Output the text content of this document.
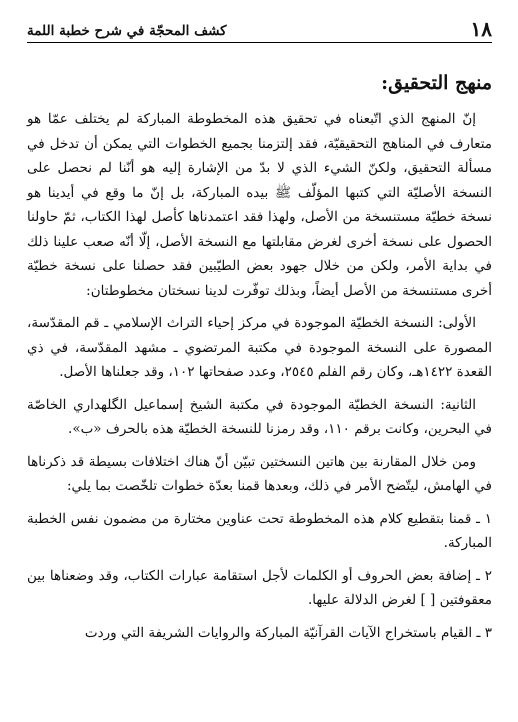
١٨
كشف المحجّة في شرح خطبة اللمة
منهج التحقيق:

إنّ المنهج الذي اتّبعناه في تحقيق هذه المخطوطة المباركة لم يختلف عمّا هو متعارف في المناهج التحقيقيّة، فقد إلتزمنا بجميع الخطوات التي يمكن أن تدخل في مسألة التحقيق، ولكنّ الشيء الذي لا بدّ من الإشارة إليه هو أنّنا لم نحصل على النسخة الأصليّة التي كتبها المؤلّف ﷺ بيده المباركة، بل إنّ ما وقع في أيدينا هو نسخة خطيّة مستنسخة من الأصل، ولهذا فقد اعتمدناها كأصل لهذا الكتاب، ثمّ حاولنا الحصول على نسخة أخرى لغرض مقابلتها مع النسخة الأصل، إلّا أنّه صعب علينا ذلك في بداية الأمر، ولكن من خلال جهود بعض الطيّبين فقد حصلنا على نسخة خطيّة أخرى مستنسخة من الأصل أيضاً، وبذلك توفّرت لدينا نسختان مخطوطتان:

الأولى: النسخة الخطيّة الموجودة في مركز إحياء التراث الإسلامي ـ قم المقدّسة، المصورة على النسخة الموجودة في مكتبة المرتضوي ـ مشهد المقدّسة، في ذي القعدة ١٤٢٢هـ، وكان رقم الفلم ٢٥٤٥، وعدد صفحاتها ١٠٢، وقد جعلناها الأصل.

الثانية: النسخة الخطيّة الموجودة في مكتبة الشيخ إسماعيل الگلهداري الخاصّة في البحرين، وكانت برقم ١١٠، وقد رمزنا للنسخة الخطيّة هذه بالحرف «ب».

ومن خلال المقارنة بين هاتين النسختين تبيّن أنّ هناك اختلافات بسيطة قد ذكرناها في الهامش، ليتّضح الأمر في ذلك، وبعدها قمنا بعدّة خطوات تلخّصت بما يلي:

١ ـ قمنا بتقطيع كلام هذه المخطوطة تحت عناوين مختارة من مضمون نفس الخطبة المباركة.

٢ ـ إضافة بعض الحروف أو الكلمات لأجل استقامة عبارات الكتاب، وقد وضعناها بين معقوفتين [ ] لغرض الدلالة عليها.

٣ ـ القيام باستخراج الآيات القرآنيّة المباركة والروايات الشريفة التي وردت
